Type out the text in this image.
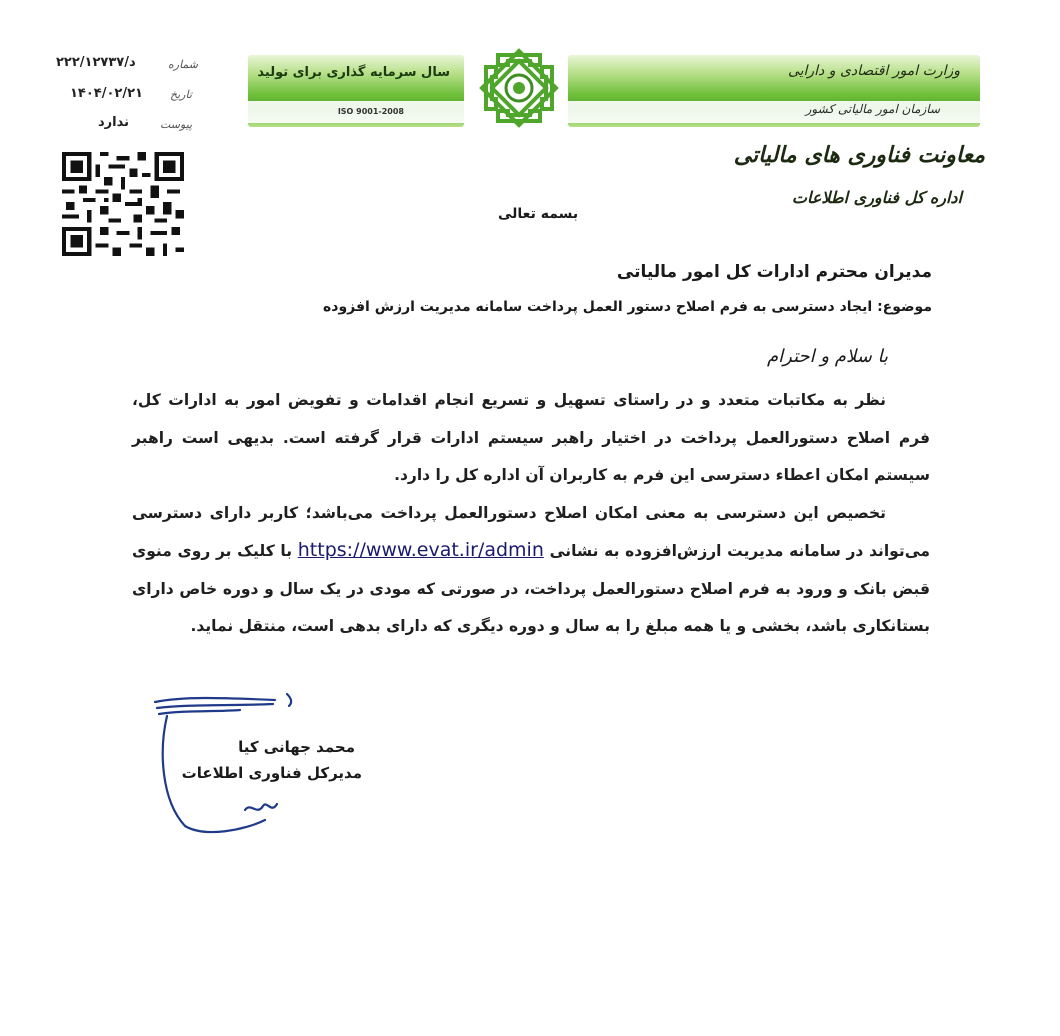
سال سرمایه گذاری برای تولید
ISO 9001-2008
وزارت امور اقتصادی و دارایی
سازمان امور مالیاتی کشور
معاونت فناوری های مالیاتی
اداره کل فناوری اطلاعات
شماره
د/۲۲۲/۱۲۷۳۷
تاریخ
۱۴۰۴/۰۲/۲۱
پیوست
ندارد
بسمه تعالی
مدیران محترم ادارات کل امور مالیاتی
موضوع: ایجاد دسترسی به فرم اصلاح دستور العمل پرداخت سامانه مدیریت ارزش افزوده
با سلام و احترام

نظر به مکاتبات متعدد و در راستای تسهیل و تسریع انجام اقدامات و تفویض امور به ادارات کل، فرم اصلاح دستورالعمل پرداخت در اختیار راهبر سیستم ادارات قرار گرفته است. بدیهی است راهبر سیستم امکان اعطاء دسترسی این فرم به کاربران آن اداره کل را دارد.

تخصیص این دسترسی به معنی امکان اصلاح دستورالعمل پرداخت می‌باشد؛ کاربر دارای دسترسی می‌تواند در سامانه مدیریت ارزش‌افزوده به نشانی https://www.evat.ir/admin با کلیک بر روی منوی قبض بانک و ورود به فرم اصلاح دستورالعمل پرداخت، در صورتی که مودی در یک سال و دوره خاص دارای بستانکاری باشد، بخشی و یا همه مبلغ را به سال و دوره دیگری که دارای بدهی است، منتقل نماید.

محمد جهانی کیا
مدیرکل فناوری اطلاعات
